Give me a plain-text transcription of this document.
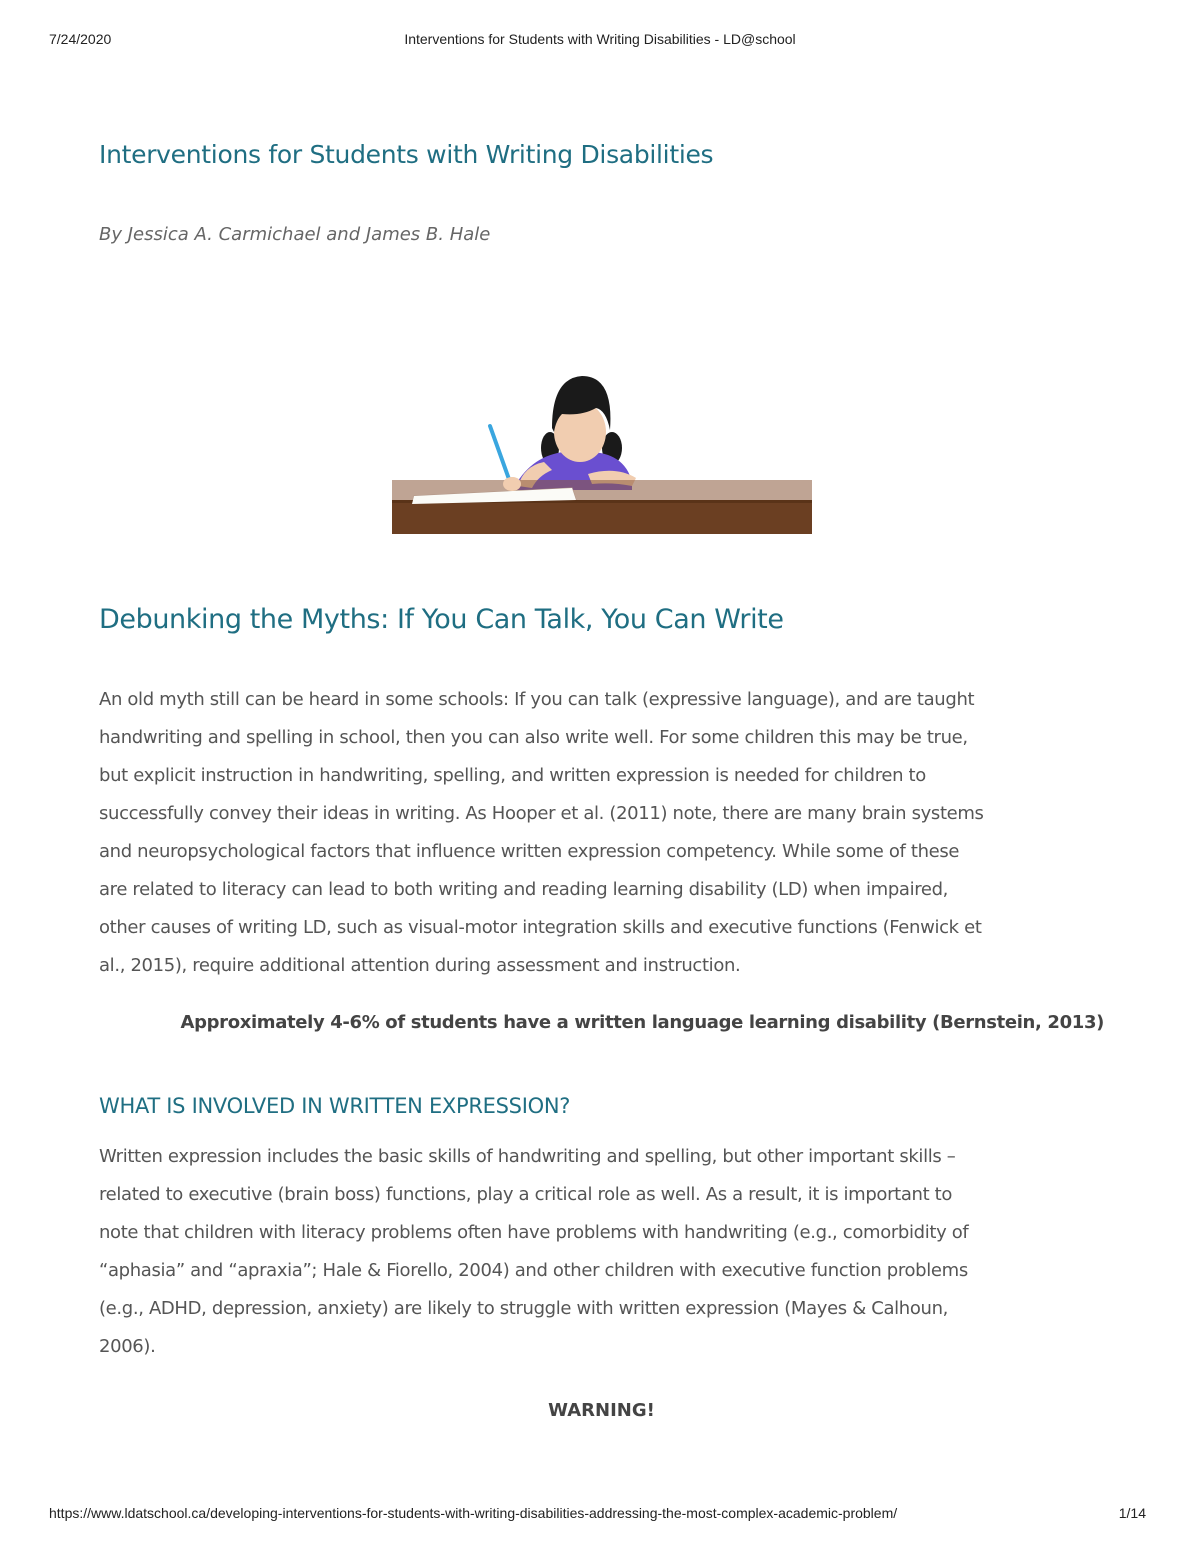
7/24/2020	Interventions for Students with Writing Disabilities - LD@school
Interventions for Students with Writing Disabilities

By Jessica A. Carmichael and James B. Hale

Debunking the Myths: If You Can Talk, You Can Write
An old myth still can be heard in some schools: If you can talk (expressive language), and are taught
handwriting and spelling in school, then you can also write well. For some children this may be true,
but explicit instruction in handwriting, spelling, and written expression is needed for children to
successfully convey their ideas in writing. As Hooper et al. (2011) note, there are many brain systems
and neuropsychological factors that influence written expression competency. While some of these
are related to literacy can lead to both writing and reading learning disability (LD) when impaired,
other causes of writing LD, such as visual-motor integration skills and executive functions (Fenwick et
al., 2015), require additional attention during assessment and instruction.

Approximately 4-6% of students have a written language learning disability (Bernstein, 2013)

WHAT IS INVOLVED IN WRITTEN EXPRESSION?
Written expression includes the basic skills of handwriting and spelling, but other important skills –
related to executive (brain boss) functions, play a critical role as well. As a result, it is important to
note that children with literacy problems often have problems with handwriting (e.g., comorbidity of
“aphasia” and “apraxia”; Hale & Fiorello, 2004) and other children with executive function problems
(e.g., ADHD, depression, anxiety) are likely to struggle with written expression (Mayes & Calhoun,
2006).

WARNING!

https://www.ldatschool.ca/developing-interventions-for-students-with-writing-disabilities-addressing-the-most-complex-academic-problem/	1/14
